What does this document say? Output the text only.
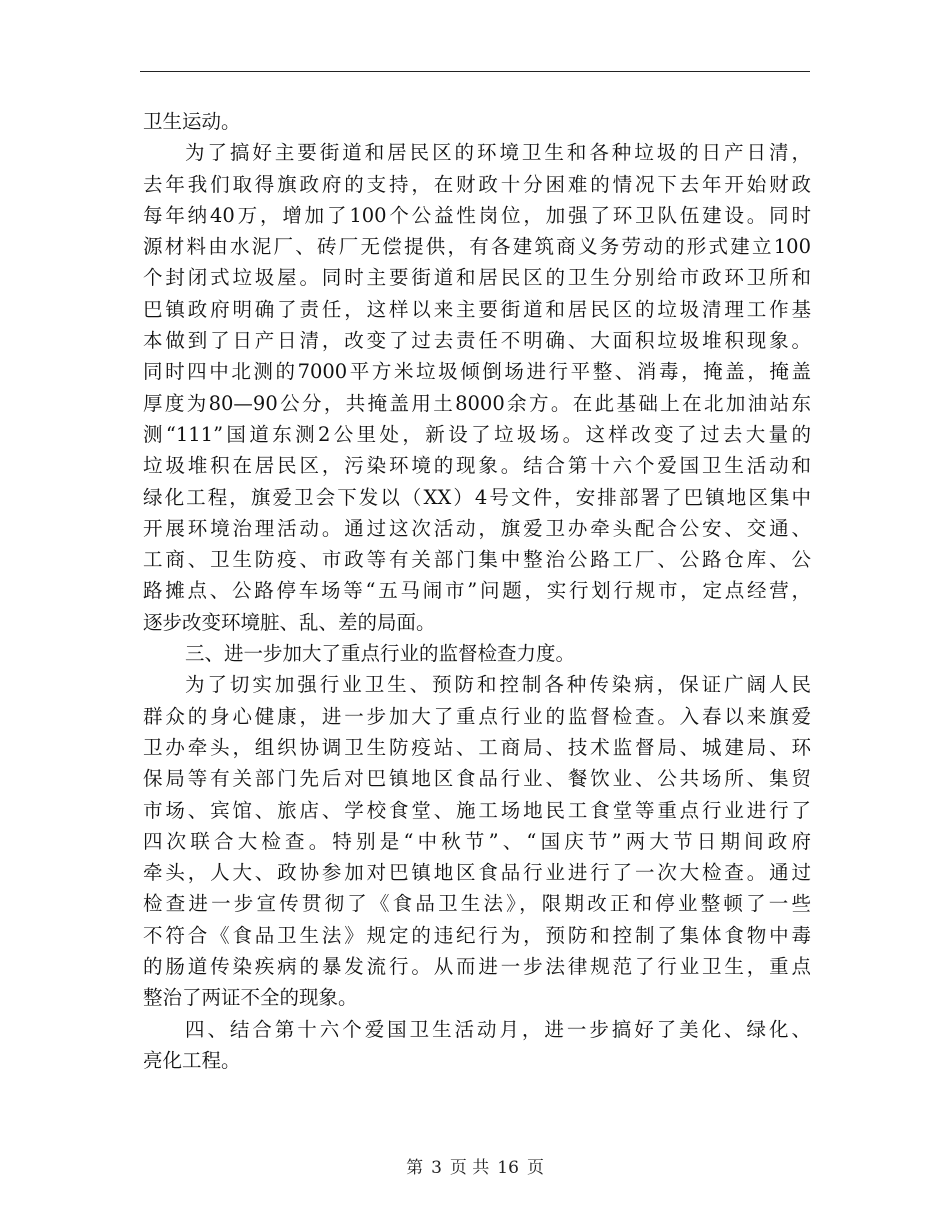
卫生运动。
为了搞好主要街道和居民区的环境卫生和各种垃圾的日产日清，
去年我们取得旗政府的支持，在财政十分困难的情况下去年开始财政
每年纳40万，增加了100个公益性岗位，加强了环卫队伍建设。同时
源材料由水泥厂、砖厂无偿提供，有各建筑商义务劳动的形式建立100
个封闭式垃圾屋。同时主要街道和居民区的卫生分别给市政环卫所和
巴镇政府明确了责任，这样以来主要街道和居民区的垃圾清理工作基
本做到了日产日清，改变了过去责任不明确、大面积垃圾堆积现象。
同时四中北测的7000平方米垃圾倾倒场进行平整、消毒，掩盖，掩盖
厚度为80—90公分，共掩盖用土8000余方。在此基础上在北加油站东
测“111”国道东测2公里处，新设了垃圾场。这样改变了过去大量的
垃圾堆积在居民区，污染环境的现象。结合第十六个爱国卫生活动和
绿化工程，旗爱卫会下发以（XX）4号文件，安排部署了巴镇地区集中
开展环境治理活动。通过这次活动，旗爱卫办牵头配合公安、交通、
工商、卫生防疫、市政等有关部门集中整治公路工厂、公路仓库、公
路摊点、公路停车场等“五马闹市”问题，实行划行规市，定点经营，
逐步改变环境脏、乱、差的局面。
三、进一步加大了重点行业的监督检查力度。
为了切实加强行业卫生、预防和控制各种传染病，保证广阔人民
群众的身心健康，进一步加大了重点行业的监督检查。入春以来旗爱
卫办牵头，组织协调卫生防疫站、工商局、技术监督局、城建局、环
保局等有关部门先后对巴镇地区食品行业、餐饮业、公共场所、集贸
市场、宾馆、旅店、学校食堂、施工场地民工食堂等重点行业进行了
四次联合大检查。特别是“中秋节”、“国庆节”两大节日期间政府
牵头，人大、政协参加对巴镇地区食品行业进行了一次大检查。通过
检查进一步宣传贯彻了《食品卫生法》，限期改正和停业整顿了一些
不符合《食品卫生法》规定的违纪行为，预防和控制了集体食物中毒
的肠道传染疾病的暴发流行。从而进一步法律规范了行业卫生，重点
整治了两证不全的现象。
四、结合第十六个爱国卫生活动月，进一步搞好了美化、绿化、
亮化工程。
第 3 页 共 16 页
